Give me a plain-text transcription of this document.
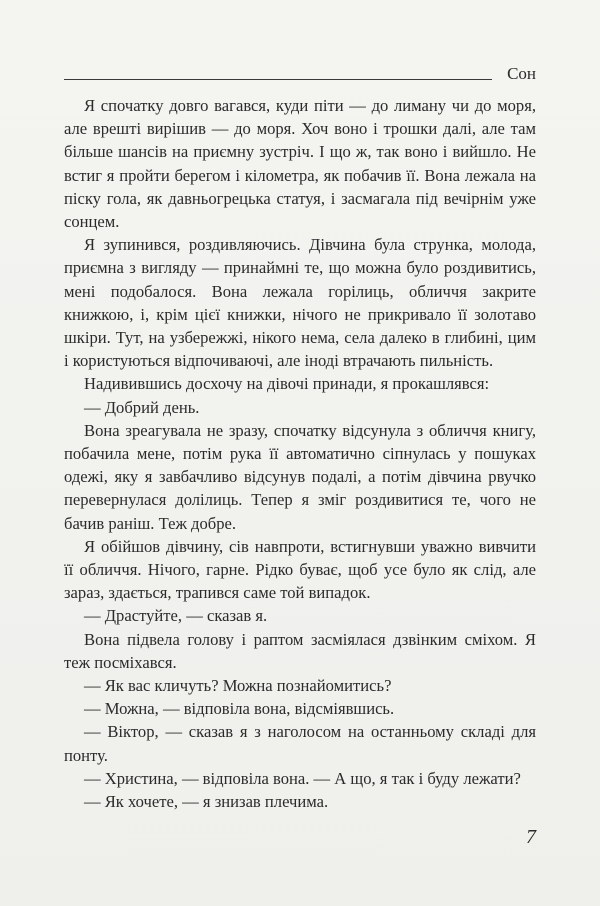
Сон

Я спочатку довго вагався, куди піти — до лиману чи до моря, але врешті вирішив — до моря. Хоч воно і трошки далі, але там більше шансів на приємну зустріч. І що ж, так воно і вийшло. Не встиг я пройти берегом і кілометра, як побачив її. Вона лежала на піску гола, як давньогрецька статуя, і засмагала під вечірнім уже сонцем.

Я зупинився, роздивляючись. Дівчина була струнка, молода, приємна з вигляду — принаймні те, що можна було роздивитись, мені подобалося. Вона лежала горілиць, обличчя закрите книжкою, і, крім цієї книжки, нічого не прикривало її золотаво шкіри. Тут, на узбережжі, нікого нема, села далеко в глибині, цим і користуються відпочиваючі, але іноді втрачають пильність.

Надивившись досхочу на дівочі принади, я прокашлявся:

— Добрий день.

Вона зреагувала не зразу, спочатку відсунула з обличчя книгу, побачила мене, потім рука її автоматично сіпнулась у пошуках одежі, яку я завбачливо відсунув подалі, а потім дівчина рвучко перевернулася долілиць. Тепер я зміг роздивитися те, чого не бачив раніш. Теж добре.

Я обійшов дівчину, сів навпроти, встигнувши уважно вивчити її обличчя. Нічого, гарне. Рідко буває, щоб усе було як слід, але зараз, здається, трапився саме той випадок.

— Драстуйте, — сказав я.

Вона підвела голову і раптом засміялася дзвінким сміхом. Я теж посміхався.

— Як вас кличуть? Можна познайомитись?

— Можна, — відповіла вона, відсміявшись.

— Віктор, — сказав я з наголосом на останньому складі для понту.

— Христина, — відповіла вона. — А що, я так і буду лежати?

— Як хочете, — я знизав плечима.

7
